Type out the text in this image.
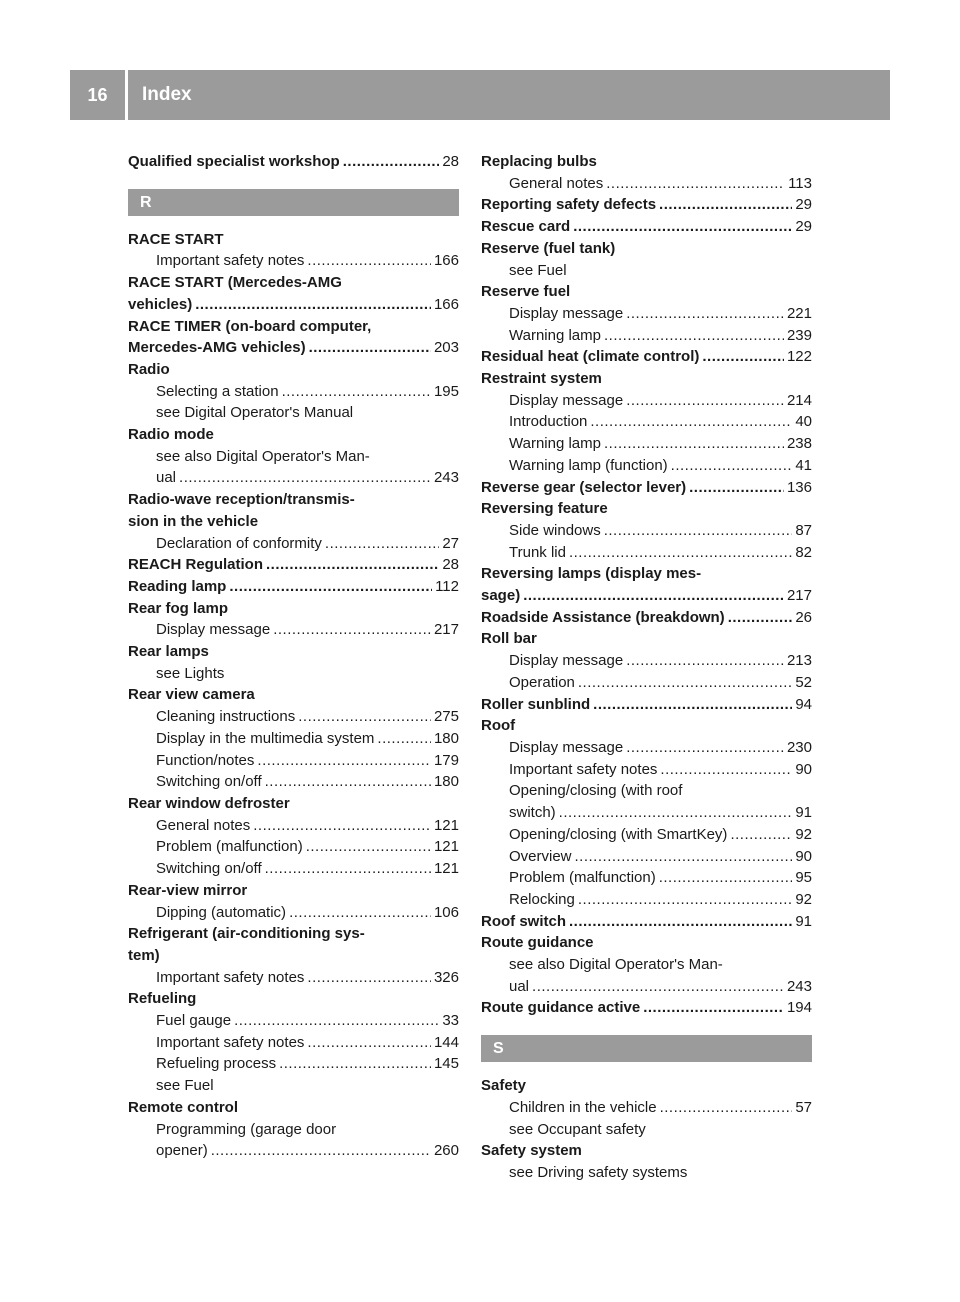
16	Index
Qualified specialist workshop .....	28
R
RACE START
Important safety notes .....	166
RACE START (Mercedes-AMG
vehicles) .....	166
RACE TIMER (on-board computer,
Mercedes-AMG vehicles) .....	203
Radio
Selecting a station .....	195
see Digital Operator's Manual
Radio mode
see also Digital Operator's Man-
ual .....	243
Radio-wave reception/transmis-
sion in the vehicle
Declaration of conformity .....	27
REACH Regulation .....	28
Reading lamp .....	112
Rear fog lamp
Display message .....	217
Rear lamps
see Lights
Rear view camera
Cleaning instructions .....	275
Display in the multimedia system .....	180
Function/notes .....	179
Switching on/off .....	180
Rear window defroster
General notes .....	121
Problem (malfunction) .....	121
Switching on/off .....	121
Rear-view mirror
Dipping (automatic) .....	106
Refrigerant (air-conditioning sys-
tem)
Important safety notes .....	326
Refueling
Fuel gauge .....	33
Important safety notes .....	144
Refueling process .....	145
see Fuel
Remote control
Programming (garage door
opener) .....	260
Replacing bulbs
General notes .....	113
Reporting safety defects .....	29
Rescue card .....	29
Reserve (fuel tank)
see Fuel
Reserve fuel
Display message .....	221
Warning lamp .....	239
Residual heat (climate control) .....	122
Restraint system
Display message .....	214
Introduction .....	40
Warning lamp .....	238
Warning lamp (function) .....	41
Reverse gear (selector lever) .....	136
Reversing feature
Side windows .....	87
Trunk lid .....	82
Reversing lamps (display mes-
sage) .....	217
Roadside Assistance (breakdown) .....	26
Roll bar
Display message .....	213
Operation .....	52
Roller sunblind .....	94
Roof
Display message .....	230
Important safety notes .....	90
Opening/closing (with roof
switch) .....	91
Opening/closing (with SmartKey) .....	92
Overview .....	90
Problem (malfunction) .....	95
Relocking .....	92
Roof switch .....	91
Route guidance
see also Digital Operator's Man-
ual .....	243
Route guidance active .....	194
S
Safety
Children in the vehicle .....	57
see Occupant safety
Safety system
see Driving safety systems
